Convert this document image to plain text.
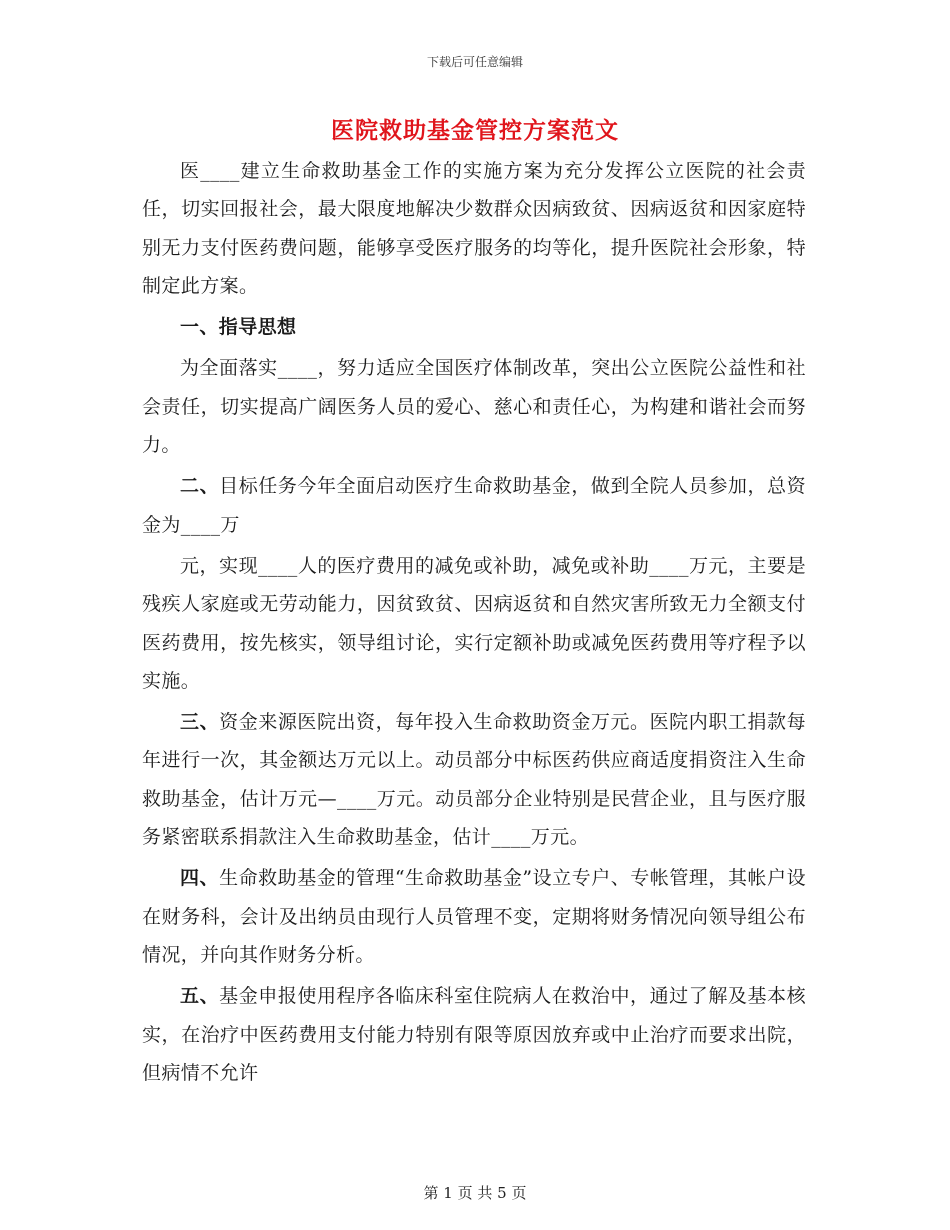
下载后可任意编辑
医院救助基金管控方案范文

医____建立生命救助基金工作的实施方案为充分发挥公立医院的社会责任，切实回报社会，最大限度地解决少数群众因病致贫、因病返贫和因家庭特别无力支付医药费问题，能够享受医疗服务的均等化，提升医院社会形象，特制定此方案。

一、指导思想

为全面落实____，努力适应全国医疗体制改革，突出公立医院公益性和社会责任，切实提高广阔医务人员的爱心、慈心和责任心，为构建和谐社会而努力。

二、目标任务今年全面启动医疗生命救助基金，做到全院人员参加，总资金为____万

元，实现____人的医疗费用的减免或补助，减免或补助____万元，主要是残疾人家庭或无劳动能力，因贫致贫、因病返贫和自然灾害所致无力全额支付医药费用，按先核实，领导组讨论，实行定额补助或减免医药费用等疗程予以实施。

三、资金来源医院出资，每年投入生命救助资金万元。医院内职工捐款每年进行一次，其金额达万元以上。动员部分中标医药供应商适度捐资注入生命救助基金，估计万元—____万元。动员部分企业特别是民营企业，且与医疗服务紧密联系捐款注入生命救助基金，估计____万元。

四、生命救助基金的管理“生命救助基金”设立专户、专帐管理，其帐户设在财务科，会计及出纳员由现行人员管理不变，定期将财务情况向领导组公布情况，并向其作财务分析。

五、基金申报使用程序各临床科室住院病人在救治中，通过了解及基本核实，在治疗中医药费用支付能力特别有限等原因放弃或中止治疗而要求出院，但病情不允许

第 1 页 共 5 页
